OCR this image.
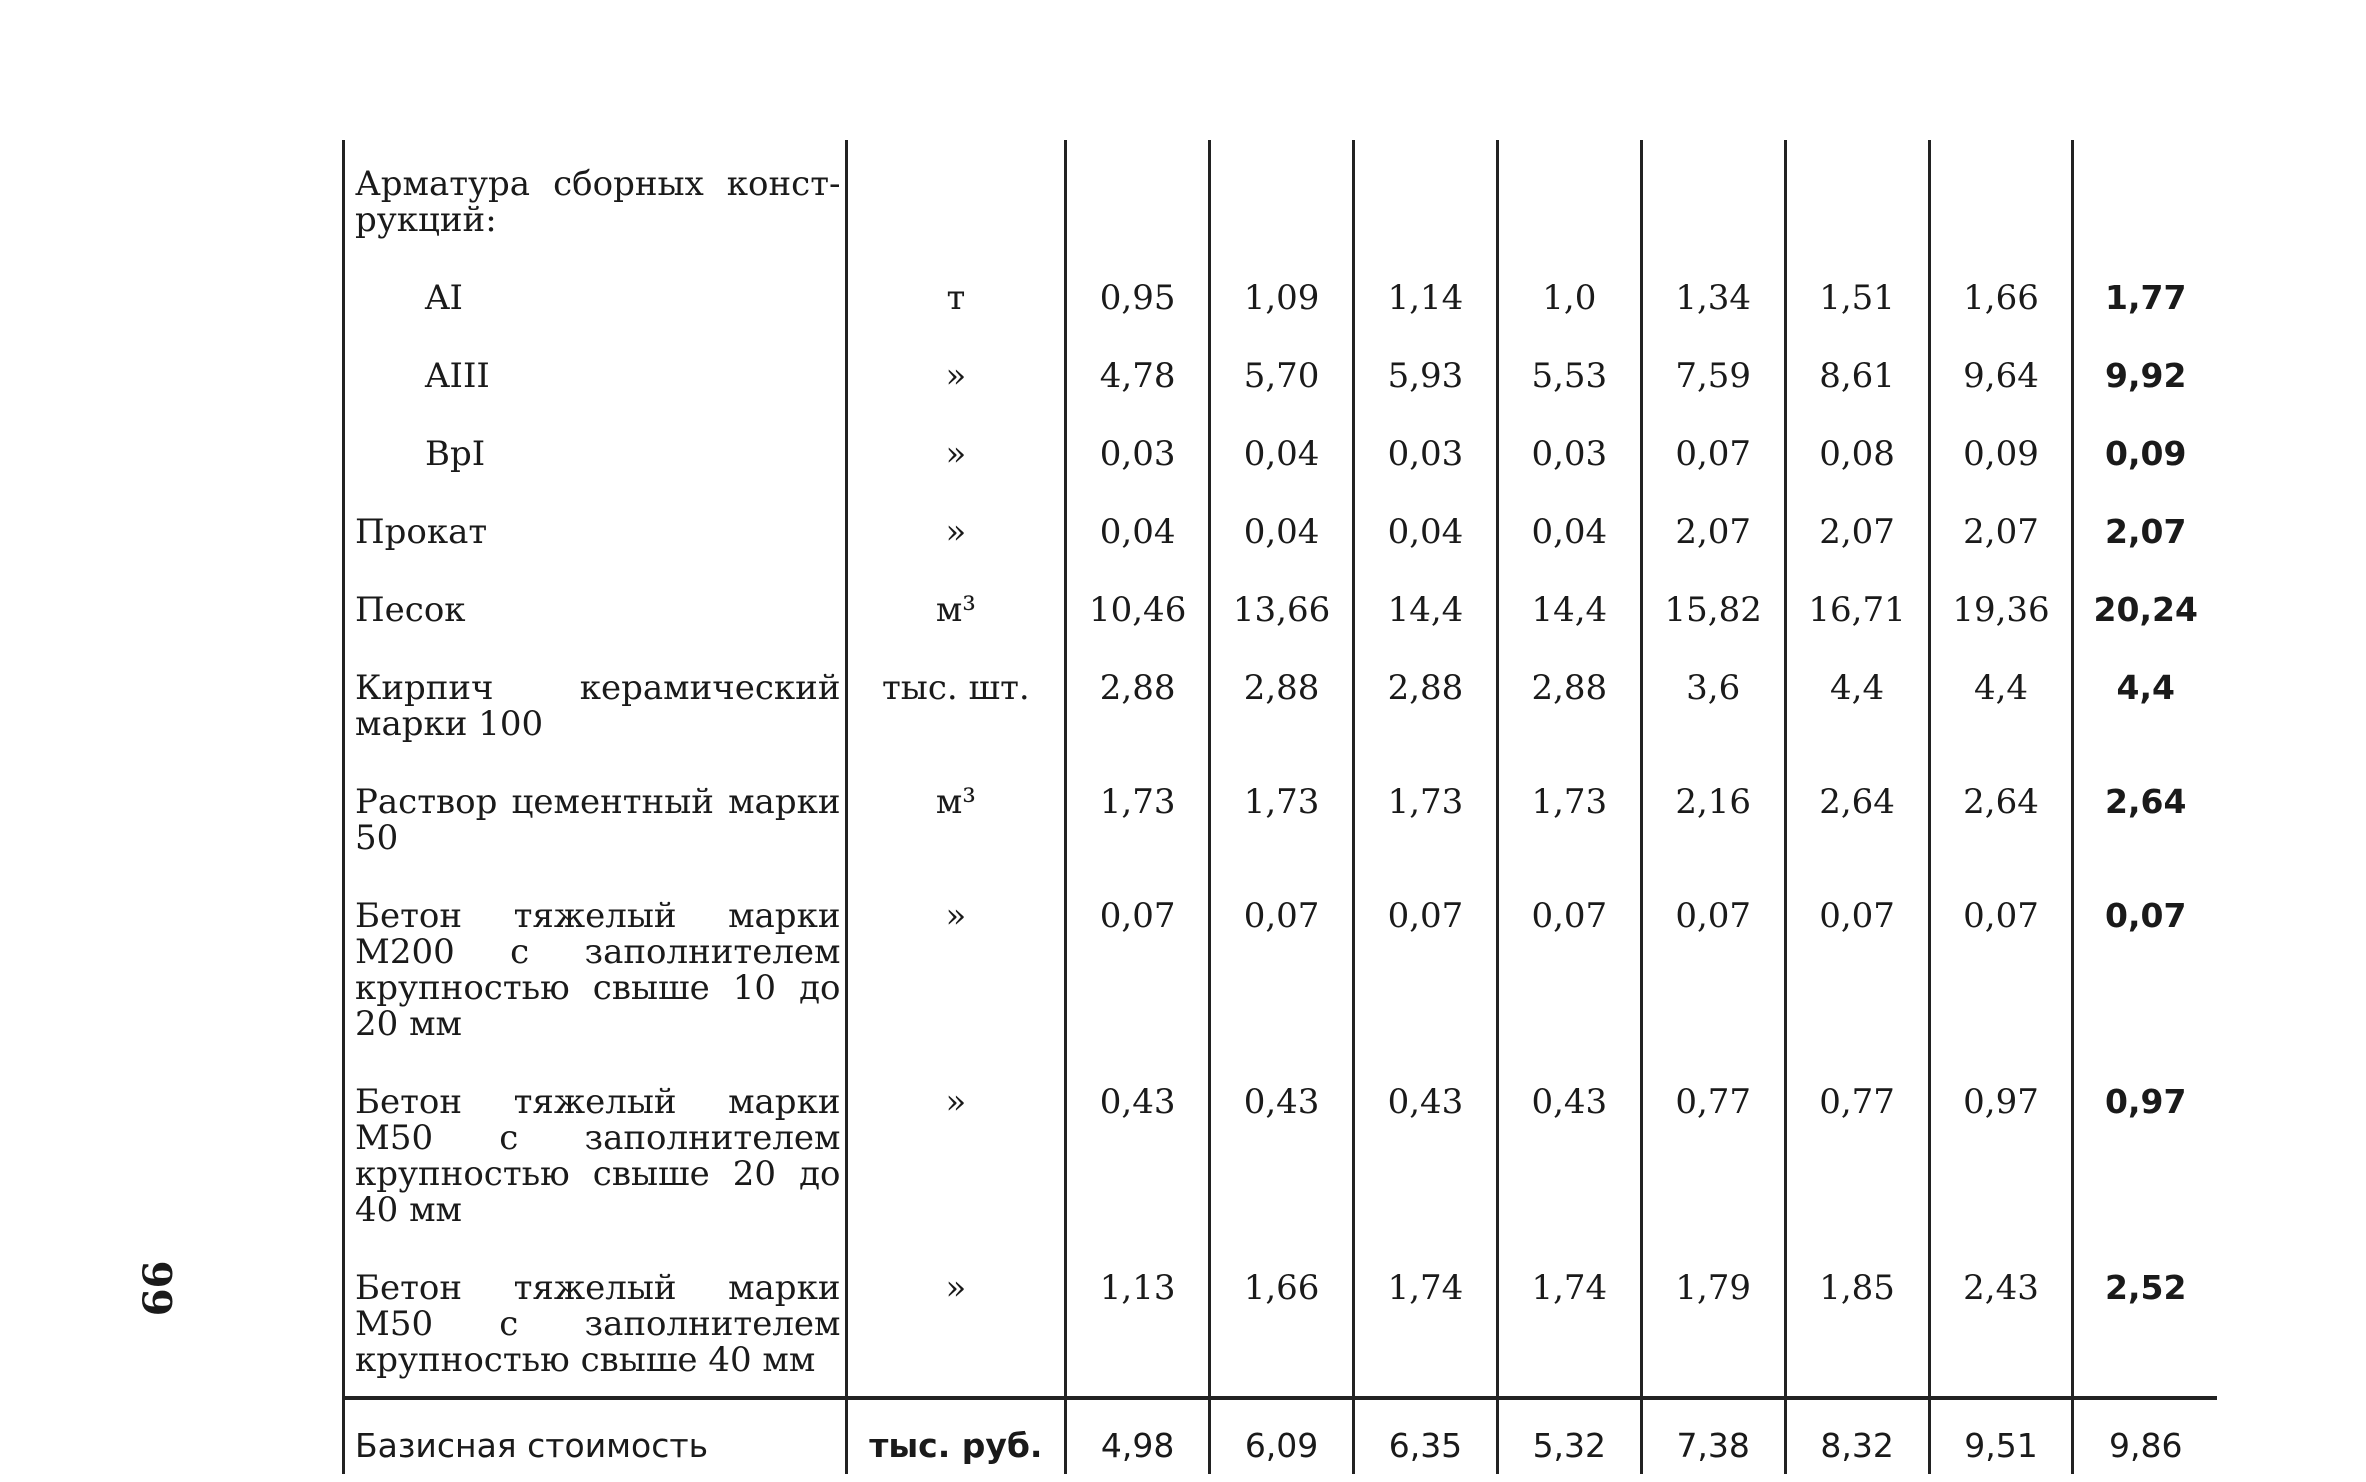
99
Арматура сборных конст-рукций:									
AI	т	0,95	1,09	1,14	1,0	1,34	1,51	1,66	1,77
AIII	»	4,78	5,70	5,93	5,53	7,59	8,61	9,64	9,92
BpI	»	0,03	0,04	0,03	0,03	0,07	0,08	0,09	0,09
Прокат	»	0,04	0,04	0,04	0,04	2,07	2,07	2,07	2,07
Песок	м³	10,46	13,66	14,4	14,4	15,82	16,71	19,36	20,24
Кирпич керамический марки 100	тыс. шт.	2,88	2,88	2,88	2,88	3,6	4,4	4,4	4,4
Раствор цементный марки 50	м³	1,73	1,73	1,73	1,73	2,16	2,64	2,64	2,64
Бетон тяжелый марки М200 с заполнителем крупностью свыше 10 до 20 мм	»	0,07	0,07	0,07	0,07	0,07	0,07	0,07	0,07
Бетон тяжелый марки М50 с заполнителем крупностью свыше 20 до 40 мм	»	0,43	0,43	0,43	0,43	0,77	0,77	0,97	0,97
Бетон тяжелый марки М50 с заполнителем крупностью свыше 40 мм	»	1,13	1,66	1,74	1,74	1,79	1,85	2,43	2,52
Базисная стоимость	тыс. руб.	4,98	6,09	6,35	5,32	7,38	8,32	9,51	9,86
